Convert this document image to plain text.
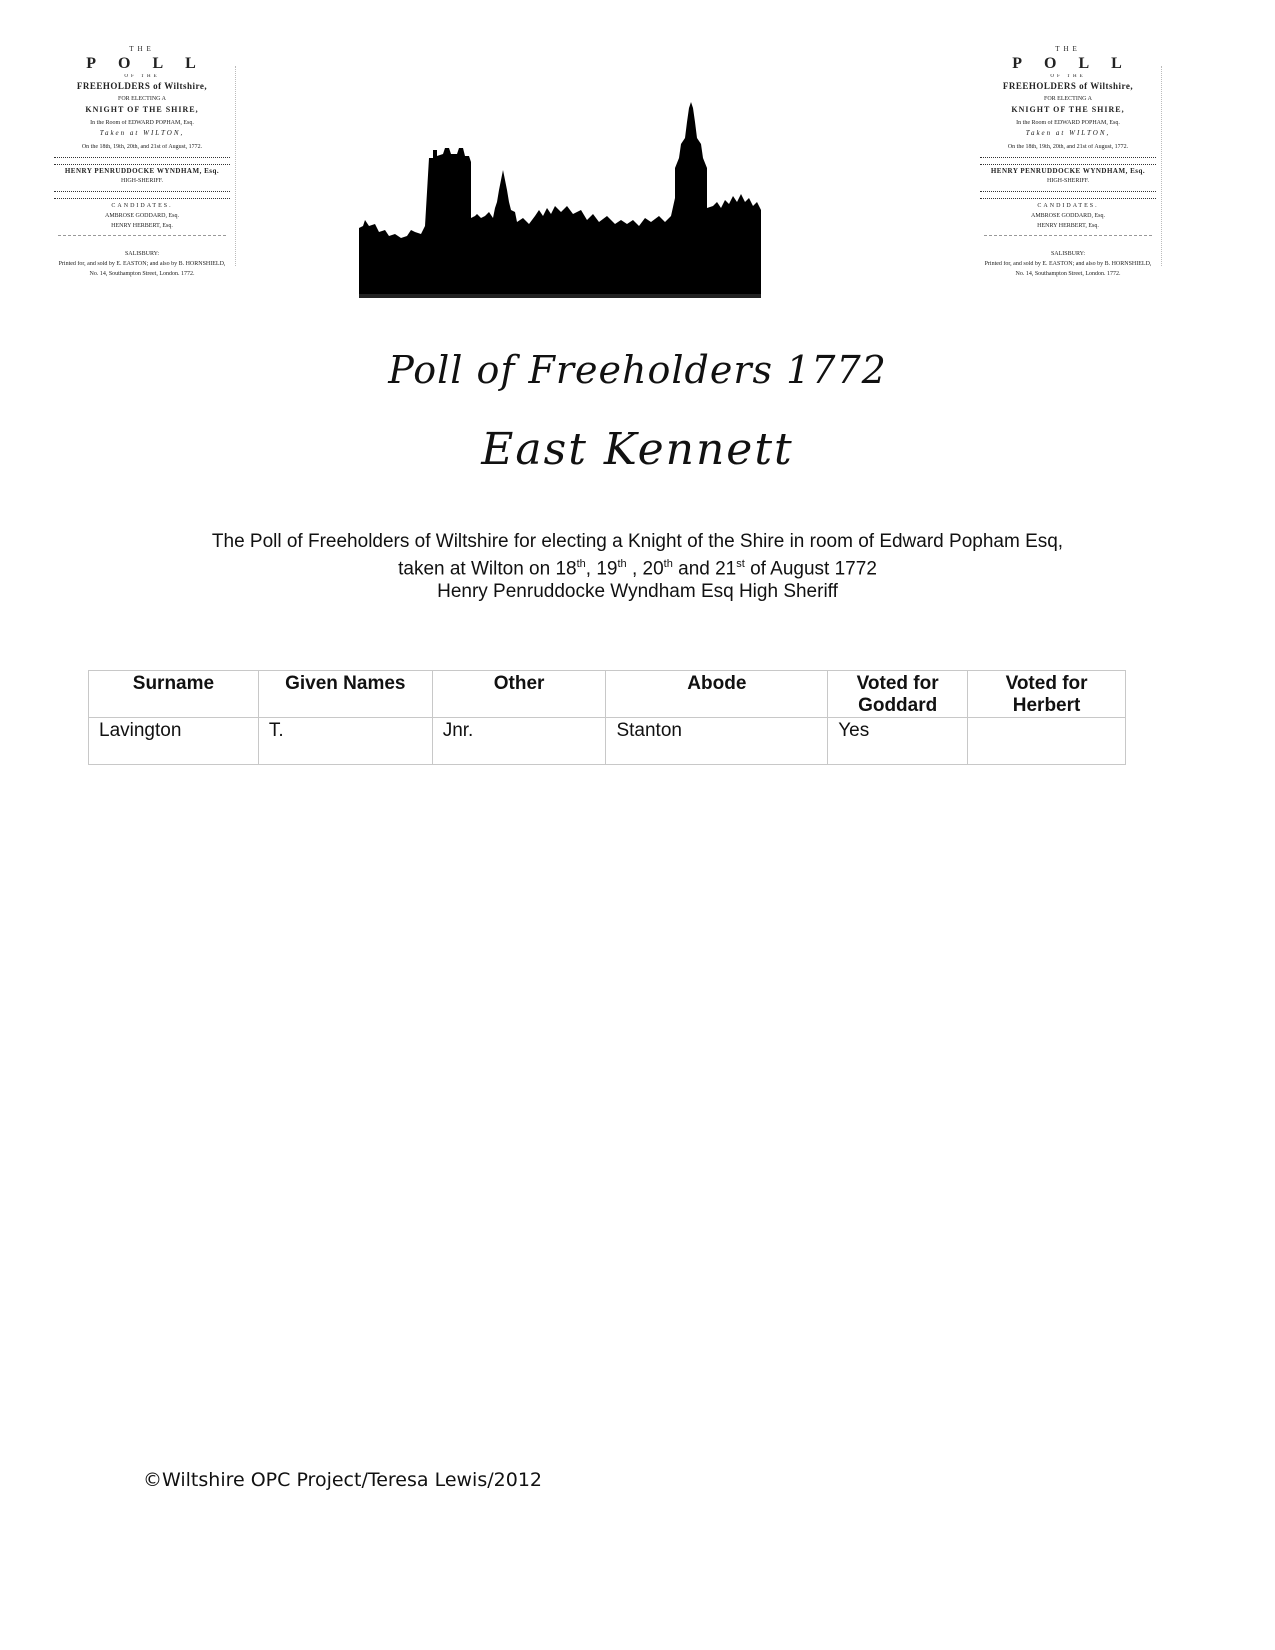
THE
POLL
OF THE
FREEHOLDERS of Wiltshire,
FOR ELECTING A
KNIGHT OF THE SHIRE,
In the Room of EDWARD POPHAM, Esq.
Taken at WILTON,
On the 18th, 19th, 20th, and 21st of August, 1772.
HENRY PENRUDDOCKE WYNDHAM, Esq.
HIGH-SHERIFF.
CANDIDATES.
AMBROSE GODDARD, Esq.
HENRY HERBERT, Esq.
SALISBURY:
Printed for, and sold by E. EASTON; and also by B. HORNSHIELD,
No. 14, Southampton Street, London. 1772.
THE
POLL
OF THE
FREEHOLDERS of Wiltshire,
FOR ELECTING A
KNIGHT OF THE SHIRE,
In the Room of EDWARD POPHAM, Esq.
Taken at WILTON,
On the 18th, 19th, 20th, and 21st of August, 1772.
HENRY PENRUDDOCKE WYNDHAM, Esq.
HIGH-SHERIFF.
CANDIDATES.
AMBROSE GODDARD, Esq.
HENRY HERBERT, Esq.
SALISBURY:
Printed for, and sold by E. EASTON; and also by B. HORNSHIELD,
No. 14, Southampton Street, London. 1772.
Poll of Freeholders 1772
East Kennett
The Poll of Freeholders of Wiltshire for electing a Knight of the Shire in room of Edward Popham Esq,
taken at Wilton on 18th, 19th , 20th and 21st of August 1772
Henry Penruddocke Wyndham Esq High Sheriff
Surname	Given Names	Other	Abode	Voted for Goddard	Voted for Herbert
Lavington	T.	Jnr.	Stanton	Yes	
©Wiltshire OPC Project/Teresa Lewis/2012
